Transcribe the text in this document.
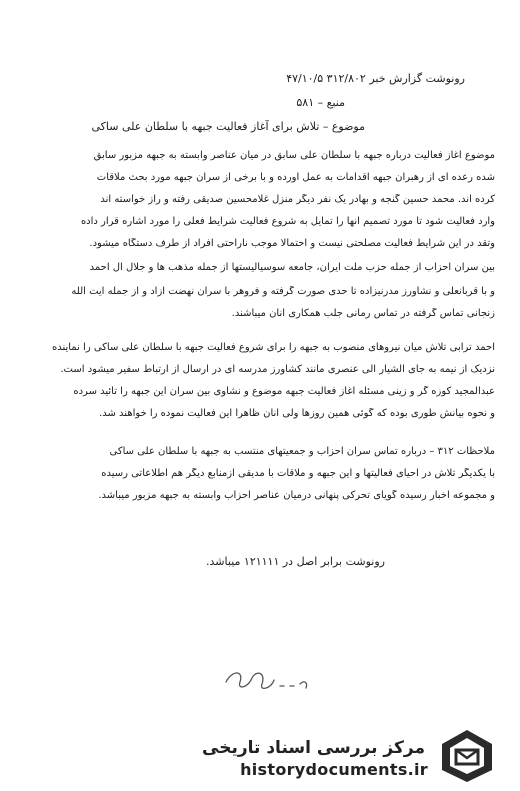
رونوشت گزارش خبر ۳۱۲/۸۰۲ ۴۷/۱۰/۵
منبع – ۵۸۱
موضوع – تلاش برای آغاز فعالیت جبهه با سلطان علی ساکی
موضوع آغاز فعالیت درباره جبهه با سلطان علی سابق در میان عناصر وابسته به جبهه مزبور سابق
شده رعده ای از رهبران جبهه اقدامات به عمل آورده و با برخی از سران جبهه مورد بحث ملاقات
کرده اند. محمد حسین گنجه و بهادر یک نفر دیگر منزل غلامحسین صدیقی رفته و راز خواسته اند
وارد فعالیت شود تا مورد تصمیم آنها را تمایل به شروع فعالیت شرایط فعلی را مورد اشاره قرار داده
وتقد در این شرایط فعالیت مصلحتی نیست و احتمالا موجب ناراحتی افراد از طرف دستگاه میشود.
بین سران احزاب از جمله حزب ملت ایران، جامعه سوسیالیستها از جمله مذهب ها و جلال آل احمد
و با قربانعلی و نشاورز مدرنیزاده تا حدی صورت گرفته و فروهر با سران نهضت آزاد و از جمله آیت الله
زنجانی تماس گرفته در تماس رمانی جلب همکاری آنان میباشند.
احمد ترابی تلاش میان نیروهای منصوب به جبهه را برای شروع فعالیت جبهه با سلطان علی ساکی را نماینده
نزدیک از نیمه به جای الشیار الی عنصری مانند کشاورز مدرسه ای در ارسال از ارتباط سفیر میشود است.
عبدالمجید کوزه گر و زینی مسئله آغاز فعالیت جبهه موضوع و نشاوی بین سران این جبهه را تائید سرده
و نحوه بیانش طوری بوده که گوئی همین روزها ولی آنان ظاهرا این فعالیت نموده را خواهند شد.
ملاحظات ۳۱۲ – درباره تماس سران احزاب و جمعیتهای منتسب به جبهه با سلطان علی ساکی
با یکدیگر تلاش در احیای فعالیتها و این جبهه و ملاقات با مدیقی ازمنابع دیگر هم اطلاعاتی رسیده
و مجموعه اخبار رسیده گویای تحرکی پنهانی درمیان عناصر احزاب وابسته به جبهه مزبور میباشد.
رونوشت برابر اصل در ۱۲۱۱۱۱ میباشد.
مرکز بررسی اسناد تاریخی
historydocuments.ir
